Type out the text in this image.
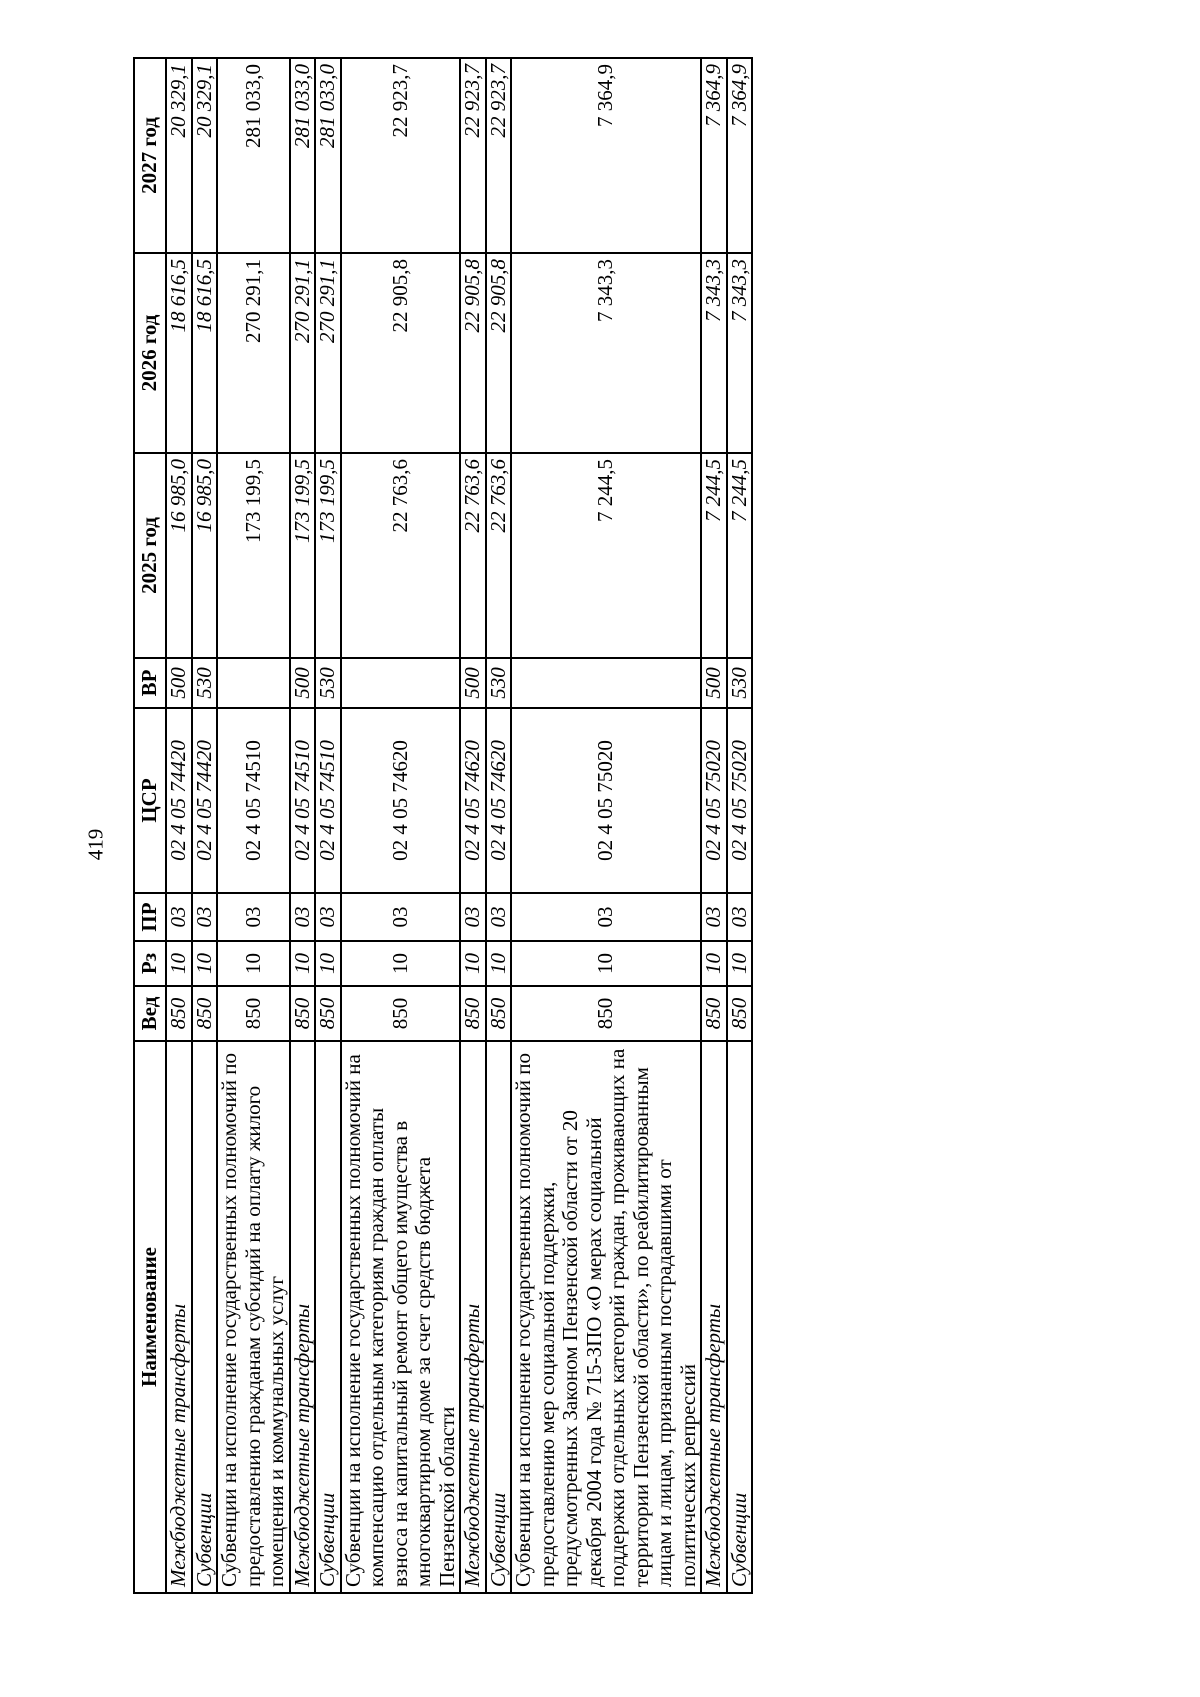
419
Наименование	Вед	Рз	ПР	ЦСР	ВР	2025 год	2026 год	2027 год
Межбюджетные трансферты	850	10	03	02 4 05 74420	500	16 985,0	18 616,5	20 329,1
Субвенции	850	10	03	02 4 05 74420	530	16 985,0	18 616,5	20 329,1
Субвенции на исполнение государственных полномочий по предоставлению гражданам субсидий на оплату жилого помещения и коммунальных услуг	850	10	03	02 4 05 74510		173 199,5	270 291,1	281 033,0
Межбюджетные трансферты	850	10	03	02 4 05 74510	500	173 199,5	270 291,1	281 033,0
Субвенции	850	10	03	02 4 05 74510	530	173 199,5	270 291,1	281 033,0
Субвенции на исполнение государственных полномочий на компенсацию отдельным категориям граждан оплаты взноса на капитальный ремонт общего имущества в многоквартирном доме за счет средств бюджета Пензенской области	850	10	03	02 4 05 74620		22 763,6	22 905,8	22 923,7
Межбюджетные трансферты	850	10	03	02 4 05 74620	500	22 763,6	22 905,8	22 923,7
Субвенции	850	10	03	02 4 05 74620	530	22 763,6	22 905,8	22 923,7
Субвенции на исполнение государственных полномочий по предоставлению мер социальной поддержки, предусмотренных Законом Пензенской области от 20 декабря 2004 года № 715-ЗПО «О мерах социальной поддержки отдельных категорий граждан, проживающих на территории Пензенской области», по реабилитированным лицам и лицам, признанным пострадавшими от политических репрессий	850	10	03	02 4 05 75020		7 244,5	7 343,3	7 364,9
Межбюджетные трансферты	850	10	03	02 4 05 75020	500	7 244,5	7 343,3	7 364,9
Субвенции	850	10	03	02 4 05 75020	530	7 244,5	7 343,3	7 364,9
